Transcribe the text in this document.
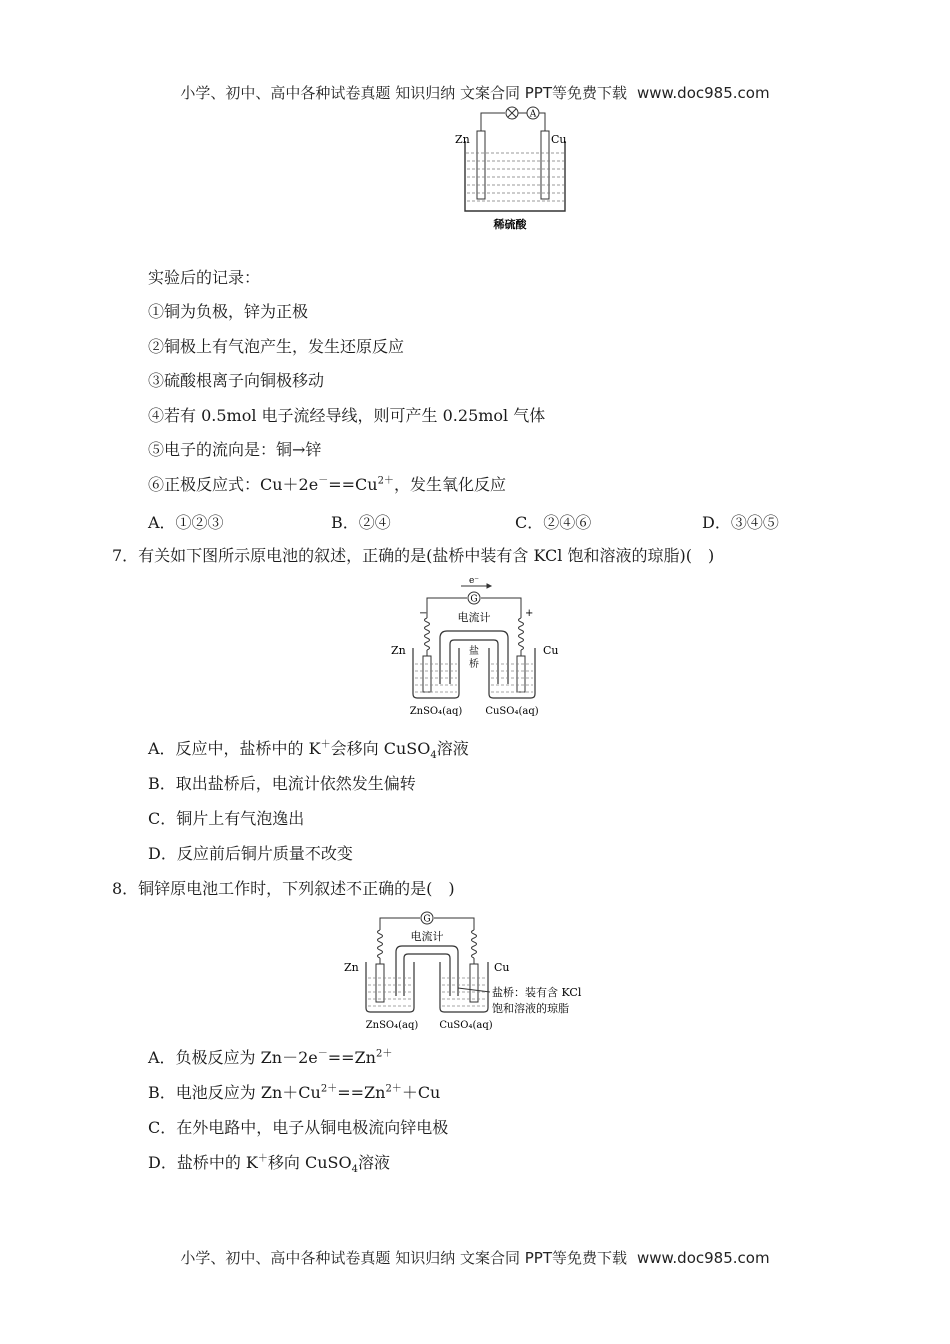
小学、初中、高中各种试卷真题 知识归纳 文案合同 PPT等免费下载 www.doc985.com
A
Zn	Cu
稀硫酸
实验后的记录：
①铜为负极，锌为正极
②铜极上有气泡产生，发生还原反应
③硫酸根离子向铜极移动
④若有 0.5mol 电子流经导线，则可产生 0.25mol 气体
⑤电子的流向是：铜→锌
⑥正极反应式：$Cu+2e^-==Cu^{2+}$，发生氧化反应
A．①②③	B．②④	C．②④⑥	D．③④⑤
7．有关如下图所示原电池的叙述，正确的是(盐桥中装有含 KCl 饱和溶液的琼脂)(　)
e⁻
G
电流计
−	+
盐
桥
Zn	Cu
ZnSO₄(aq) CuSO₄(aq)
A．反应中，盐桥中的 K＋会移向 CuSO$_4$溶液
B．取出盐桥后，电流计依然发生偏转
C．铜片上有气泡逸出
D．反应前后铜片质量不改变
8．铜锌原电池工作时，下列叙述不正确的是(　)
G
电流计
Zn	Cu
盐桥：装有含 KCl
饱和溶液的琼脂
ZnSO₄(aq) CuSO₄(aq)
A．负极反应为 $Zn-2e^-==Zn^{2+}$
B．电池反应为 $Zn+Cu^{2+}==Zn^{2+}+Cu$
C．在外电路中，电子从铜电极流向锌电极
D．盐桥中的 K＋移向 CuSO$_4$溶液
小学、初中、高中各种试卷真题 知识归纳 文案合同 PPT等免费下载 www.doc985.com
